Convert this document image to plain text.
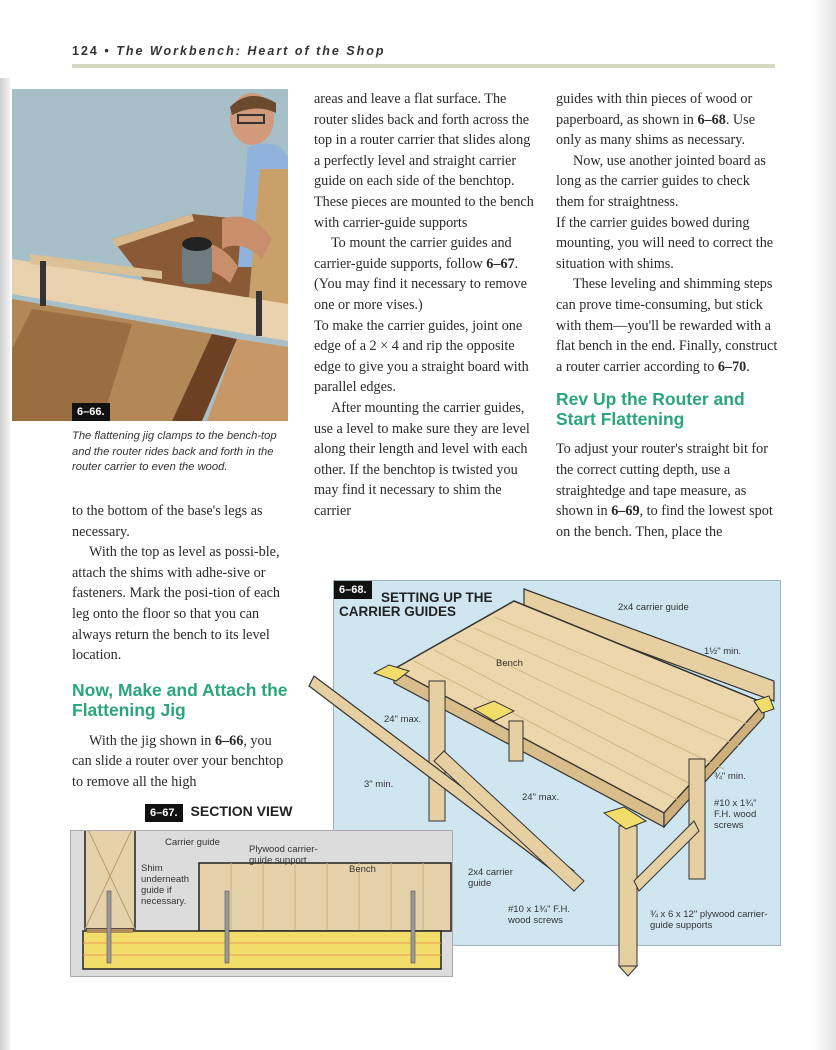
124 • The Workbench: Heart of the Shop
6–66.
The flattening jig clamps to the bench-top and the router rides back and forth in the router carrier to even the wood.

to the bottom of the base's legs as necessary.

With the top as level as possi-ble, attach the shims with adhe-sive or fasteners. Mark the posi-tion of each leg onto the floor so that you can always return the bench to its level location.

Now, Make and Attach the Flattening Jig

With the jig shown in 6–66, you can slide a router over your benchtop to remove all the high

areas and leave a flat surface. The router slides back and forth across the top in a router carrier that slides along a perfectly level and straight carrier guide on each side of the benchtop. These pieces are mounted to the bench with carrier-guide supports

To mount the carrier guides and carrier-guide supports, follow 6–67. (You may find it necessary to remove one or more vises.)

To make the carrier guides, joint one edge of a 2 × 4 and rip the opposite edge to give you a straight board with parallel edges.

After mounting the carrier guides, use a level to make sure they are level along their length and level with each other. If the benchtop is twisted you may find it necessary to shim the carrier

guides with thin pieces of wood or paperboard, as shown in 6–68. Use only as many shims as necessary.

Now, use another jointed board as long as the carrier guides to check them for straightness.

If the carrier guides bowed during mounting, you will need to correct the situation with shims.

These leveling and shimming steps can prove time-consuming, but stick with them—you'll be rewarded with a flat bench in the end. Finally, construct a router carrier according to 6–70.

Rev Up the Router and Start Flattening

To adjust your router's straight bit for the correct cutting depth, use a straightedge and tape measure, as shown in 6–69, to find the lowest spot on the bench. Then, place the

6–68.	SETTING UP THE
CARRIER GUIDES	2x4 carrier guide
Bench
1½" min.
24" max.
3" min.
24" max.
¾" min.
#10 x 1¾" F.H. wood screws
2x4 carrier guide
#10 x 1¾" F.H. wood screws
¾ x 6 x 12" plywood carrier-guide supports
6–67. SECTION VIEW
Carrier guide
Shim underneath guide if necessary.
Plywood carrier-guide support
Bench
